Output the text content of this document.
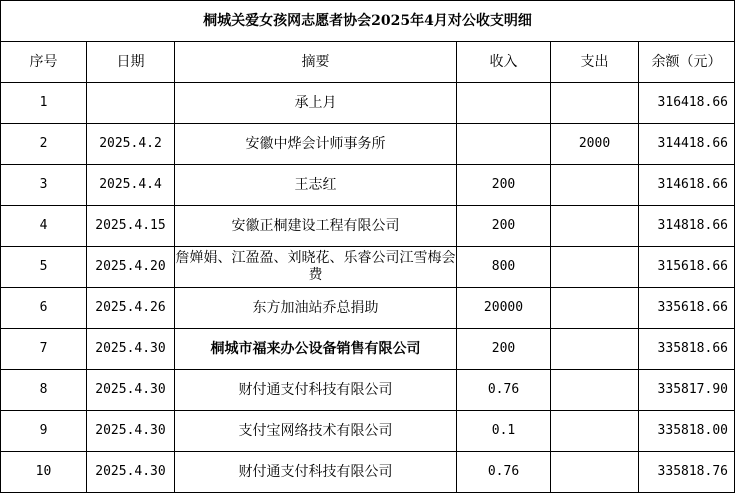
桐城关爱女孩网志愿者协会2025年4月对公收支明细					
序号	日期	摘要	收入	支出	余额（元）
1		承上月			316418.66
2	2025.4.2	安徽中烨会计师事务所		2000	314418.66
3	2025.4.4	王志红	200		314618.66
4	2025.4.15	安徽正桐建设工程有限公司	200		314818.66
5	2025.4.20	詹婵娟、江盈盈、刘晓花、乐睿公司江雪梅会费	800		315618.66
6	2025.4.26	东方加油站乔总捐助	20000		335618.66
7	2025.4.30	桐城市福来办公设备销售有限公司	200		335818.66
8	2025.4.30	财付通支付科技有限公司	0.76		335817.90
9	2025.4.30	支付宝网络技术有限公司	0.1		335818.00
10	2025.4.30	财付通支付科技有限公司	0.76		335818.76
